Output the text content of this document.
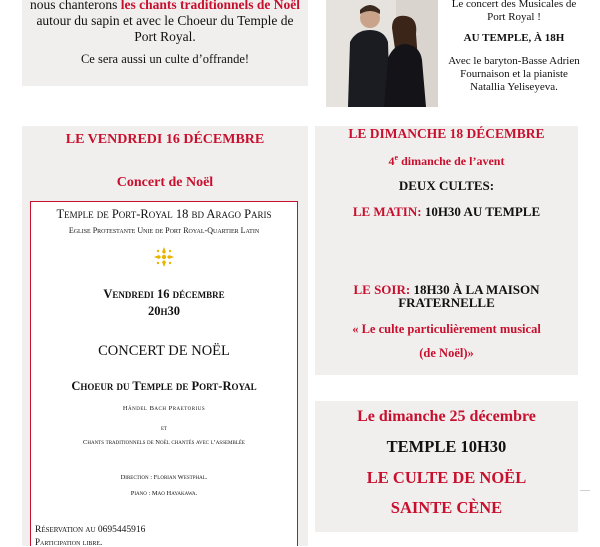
nous chanterons les chants traditionnels de Noël autour du sapin et avec le Choeur du Temple de Port Royal.

Ce sera aussi un culte d’offrande!

Le concert des Musicales de Port Royal !

AU TEMPLE, À 18H

Avec le baryton-Basse Adrien Fournaison et la pianiste Natallia Yeliseyeva.

LE VENDREDI 16 DÉCEMBRE

Concert de Noël

Temple de Port-Royal 18 bd Arago Paris

Eglise Protestante Unie de Port Royal-Quartier Latin

Vendredi 16 décembre
20h30

CONCERT DE NOËL

Choeur du Temple de Port-Royal

Händel Bach Praetorius

et

Chants traditionnels de Noël chantés avec l’assemblée

Direction : Florian Westphal.

Piano : Mao Hayakawa.

Réservation au 0695445916

Participation libre.

LE DIMANCHE 18 DÉCEMBRE

4e dimanche de l’avent

DEUX CULTES:

LE MATIN: 10H30 AU TEMPLE

LE SOIR: 18H30 À LA MAISON FRATERNELLE

« Le culte particulièrement musical

(de Noël)»

Le dimanche 25 décembre

TEMPLE 10H30

LE CULTE DE NOËL

SAINTE CÈNE
